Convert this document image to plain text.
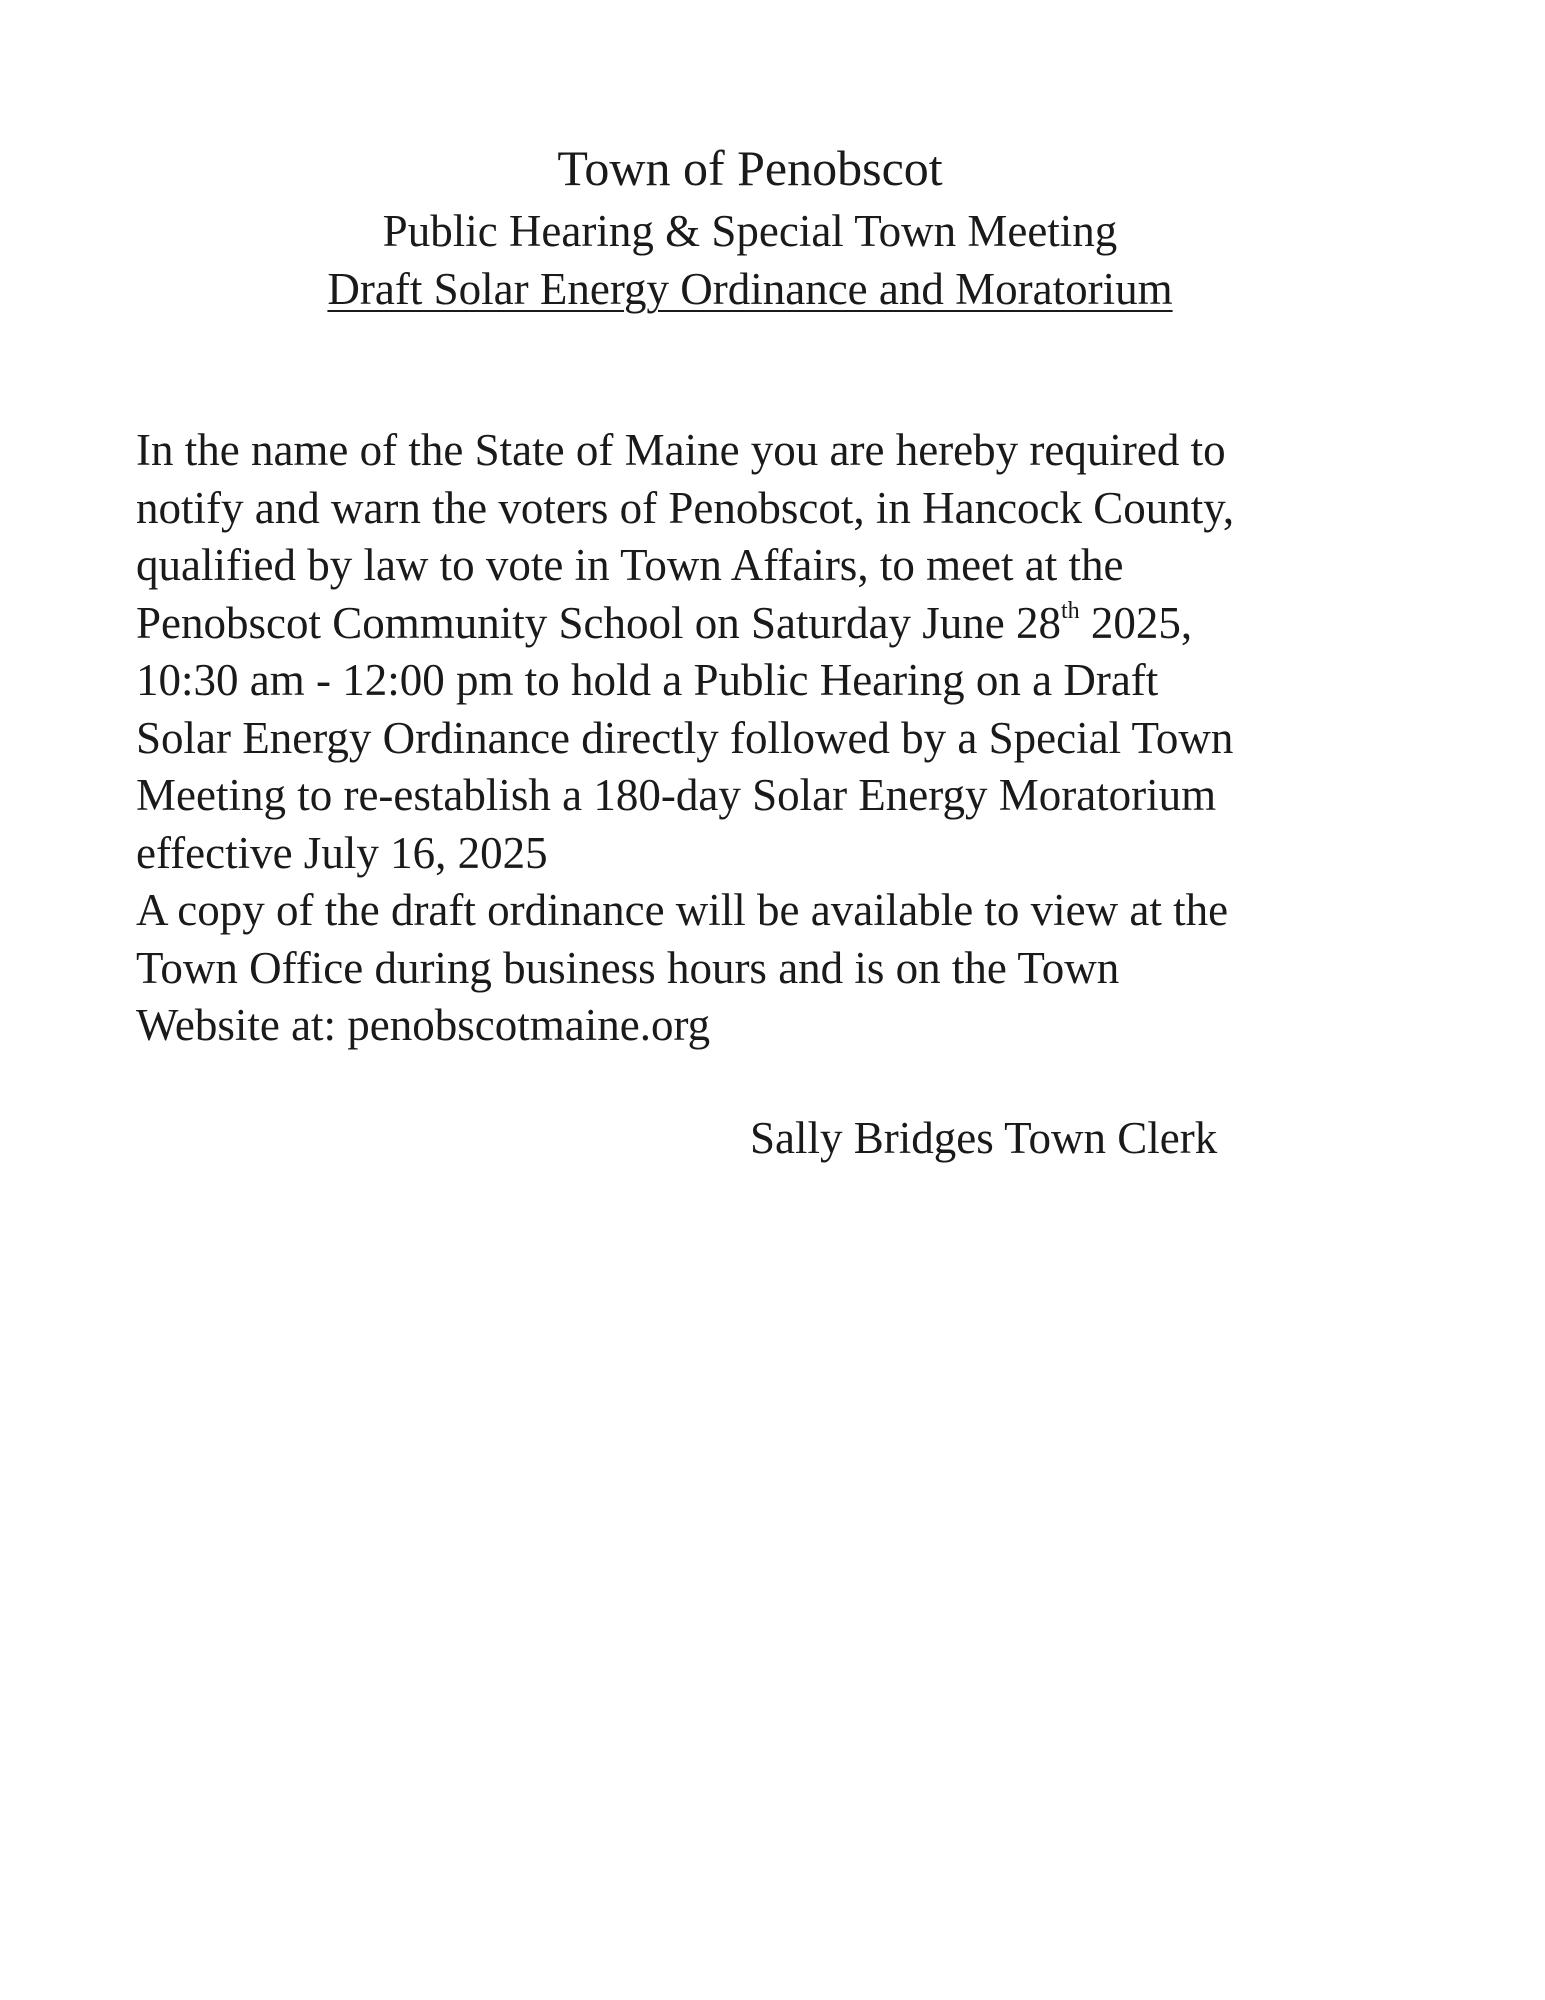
Town of Penobscot
Public Hearing & Special Town Meeting
Draft Solar Energy Ordinance and Moratorium
In the name of the State of Maine you are hereby required to
notify and warn the voters of Penobscot, in Hancock County,
qualified by law to vote in Town Affairs, to meet at the
Penobscot Community School on Saturday June 28th 2025,
10:30 am - 12:00 pm to hold a Public Hearing on a Draft
Solar Energy Ordinance directly followed by a Special Town
Meeting to re-establish a 180-day Solar Energy Moratorium
effective July 16, 2025
A copy of the draft ordinance will be available to view at the
Town Office during business hours and is on the Town
Website at: penobscotmaine.org
Sally Bridges Town Clerk
